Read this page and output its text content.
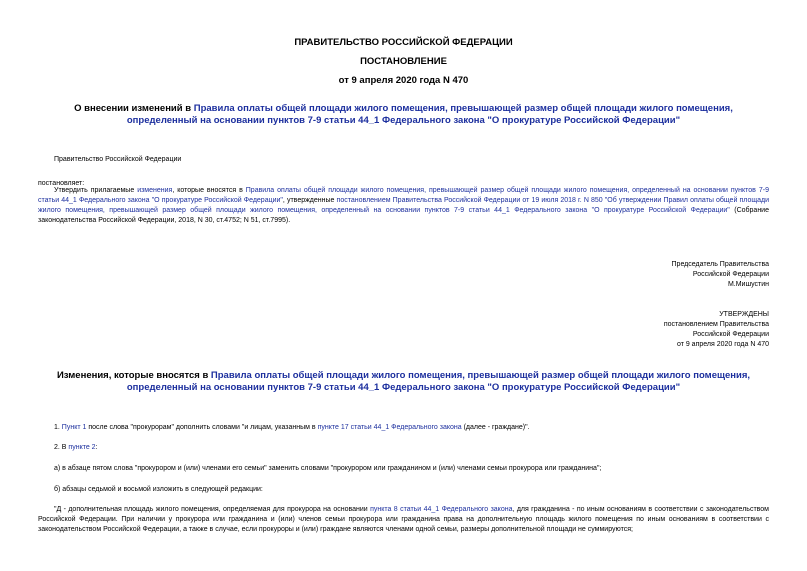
ПРАВИТЕЛЬСТВО РОССИЙСКОЙ ФЕДЕРАЦИИ
ПОСТАНОВЛЕНИЕ
от 9 апреля 2020 года N 470
О внесении изменений в Правила оплаты общей площади жилого помещения, превышающей размер общей площади жилого помещения, определенный на основании пунктов 7-9 статьи 44_1 Федерального закона "О прокуратуре Российской Федерации"
Правительство Российской Федерации
постановляет:
Утвердить прилагаемые изменения, которые вносятся в Правила оплаты общей площади жилого помещения, превышающей размер общей площади жилого помещения, определенный на основании пунктов 7-9 статьи 44_1 Федерального закона "О прокуратуре Российской Федерации", утвержденные постановлением Правительства Российской Федерации от 19 июля 2018 г. N 850 "Об утверждении Правил оплаты общей площади жилого помещения, превышающей размер общей площади жилого помещения, определенный на основании пунктов 7-9 статьи 44_1 Федерального закона "О прокуратуре Российской Федерации" (Собрание законодательства Российской Федерации, 2018, N 30, ст.4752; N 51, ст.7995).
Председатель Правительства
Российской Федерации
М.Мишустин
УТВЕРЖДЕНЫ
постановлением Правительства
Российской Федерации
от 9 апреля 2020 года N 470
Изменения, которые вносятся в Правила оплаты общей площади жилого помещения, превышающей размер общей площади жилого помещения, определенный на основании пунктов 7-9 статьи 44_1 Федерального закона "О прокуратуре Российской Федерации"
1. Пункт 1 после слова "прокурорам" дополнить словами "и лицам, указанным в пункте 17 статьи 44_1 Федерального закона (далее - граждане)".
2. В пункте 2:
а) в абзаце пятом слова "прокурором и (или) членами его семьи" заменить словами "прокурором или гражданином и (или) членами семьи прокурора или гражданина";
б) абзацы седьмой и восьмой изложить в следующей редакции:
"Д - дополнительная площадь жилого помещения, определяемая для прокурора на основании пункта 8 статьи 44_1 Федерального закона, для гражданина - по иным основаниям в соответствии с законодательством Российской Федерации. При наличии у прокурора или гражданина и (или) членов семьи прокурора или гражданина права на дополнительную площадь жилого помещения по иным основаниям в соответствии с законодательством Российской Федерации, а также в случае, если прокуроры и (или) граждане являются членами одной семьи, размеры дополнительной площади не суммируются;
